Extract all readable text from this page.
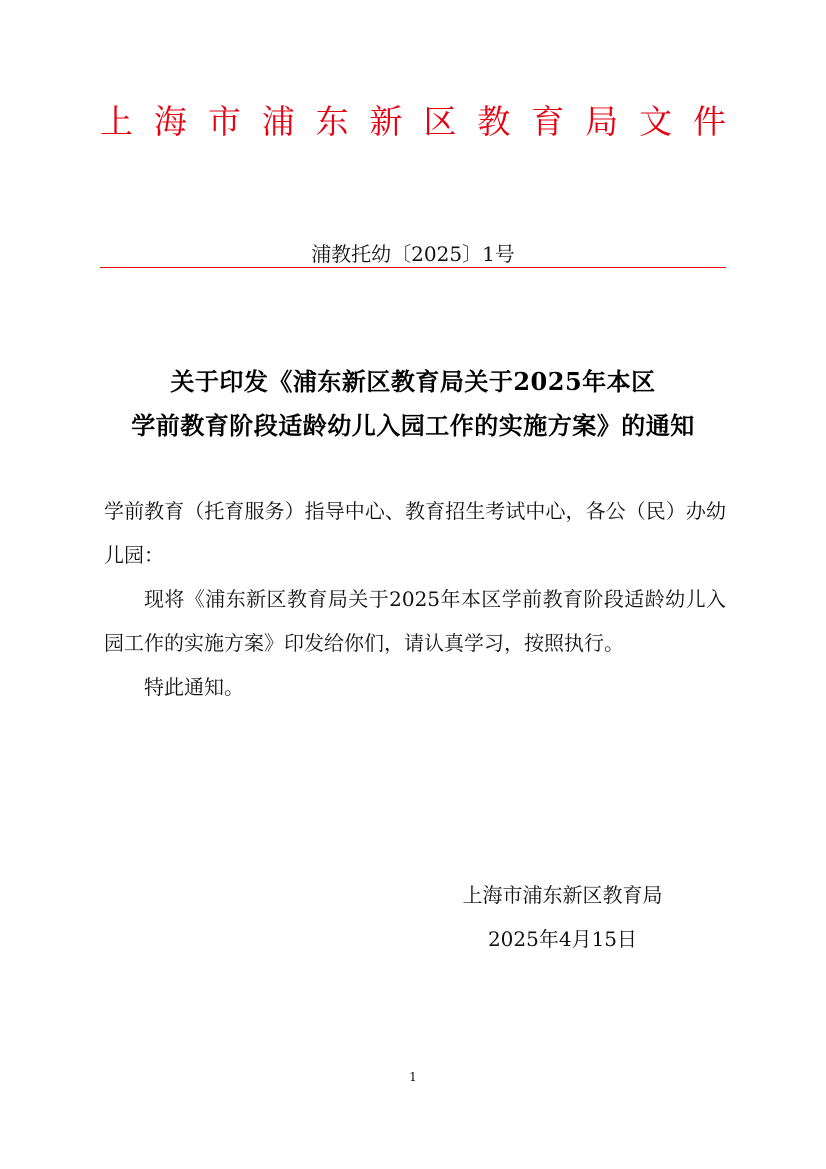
上 海 市 浦 东 新 区 教 育 局 文 件
浦教托幼〔2025〕1号
关于印发《浦东新区教育局关于2025年本区
学前教育阶段适龄幼儿入园工作的实施方案》的通知

学前教育（托育服务）指导中心、教育招生考试中心，各公（民）办幼儿园：

现将《浦东新区教育局关于2025年本区学前教育阶段适龄幼儿入园工作的实施方案》印发给你们，请认真学习，按照执行。

特此通知。

上海市浦东新区教育局
2025年4月15日
1
